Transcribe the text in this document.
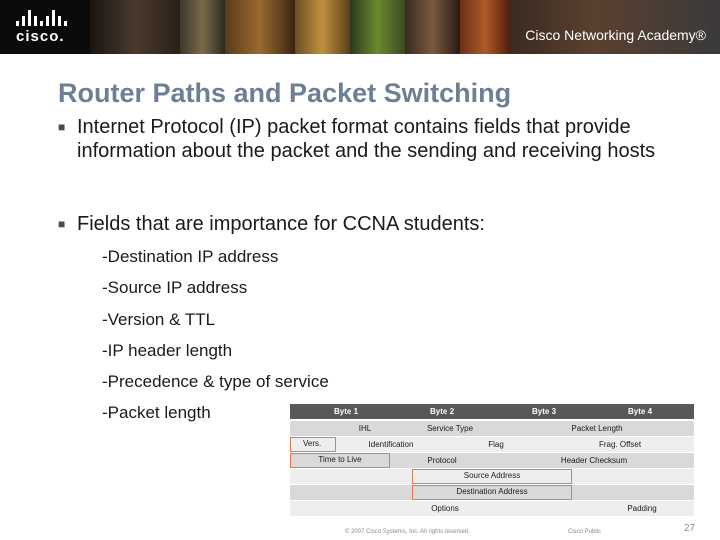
cisco.	Cisco Networking Academy®
Router Paths and Packet Switching
■ Internet Protocol (IP) packet format contains fields that provide information about the packet and the sending and receiving hosts
■ Fields that are importance for CCNA students:
-Destination IP address
-Source IP address
-Version & TTL
-IP header length
-Precedence & type of service
-Packet length	Byte 1	Byte 2	Byte 3	Byte 4
IHL	Service Type	Packet Length
Vers.	Identification	Flag	Frag. Offset
Time to Live	Protocol	Header Checksum
Source Address
Destination Address
Options	Padding
© 2007 Cisco Systems, Inc. All rights reserved.	Cisco Public	27
